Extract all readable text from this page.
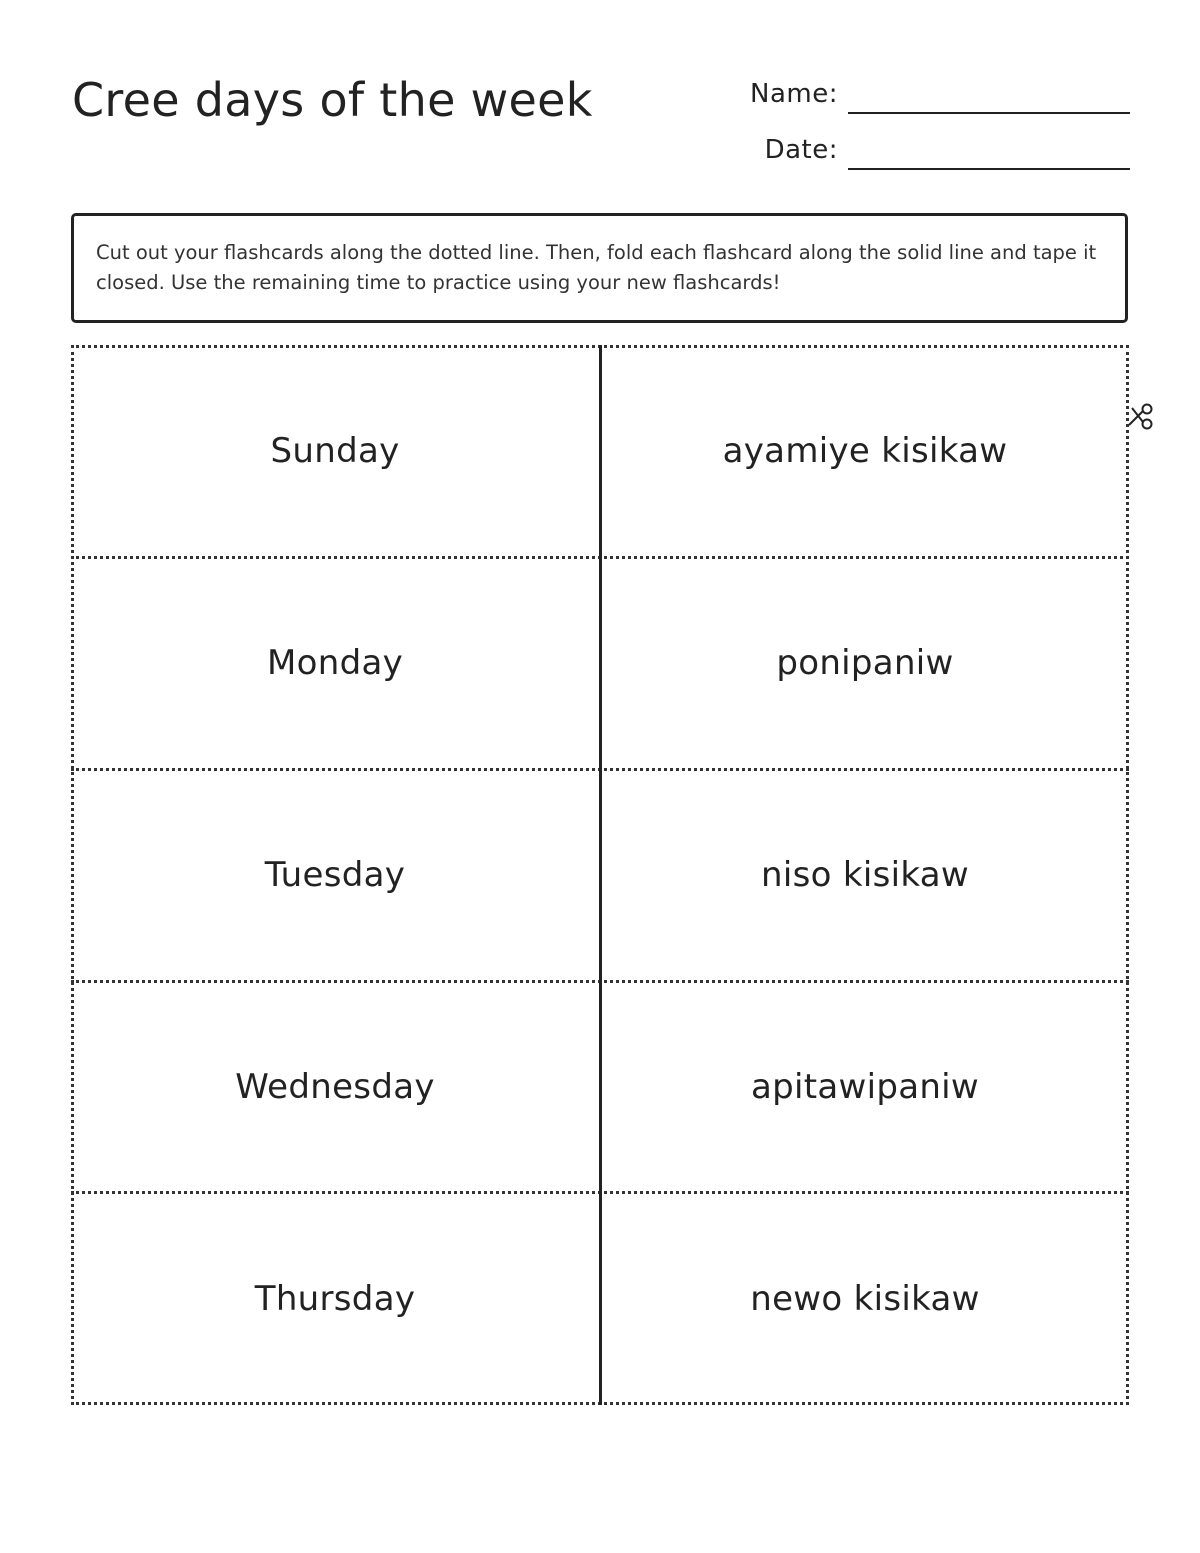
Cree days of the week	Name:
Date:
Cut out your flashcards along the dotted line. Then, fold each flashcard along the solid line and tape it closed. Use the remaining time to practice using your new flashcards!
Sunday	ayamiye kisikaw
Monday	ponipaniw
Tuesday	niso kisikaw
Wednesday	apitawipaniw
Thursday	newo kisikaw
